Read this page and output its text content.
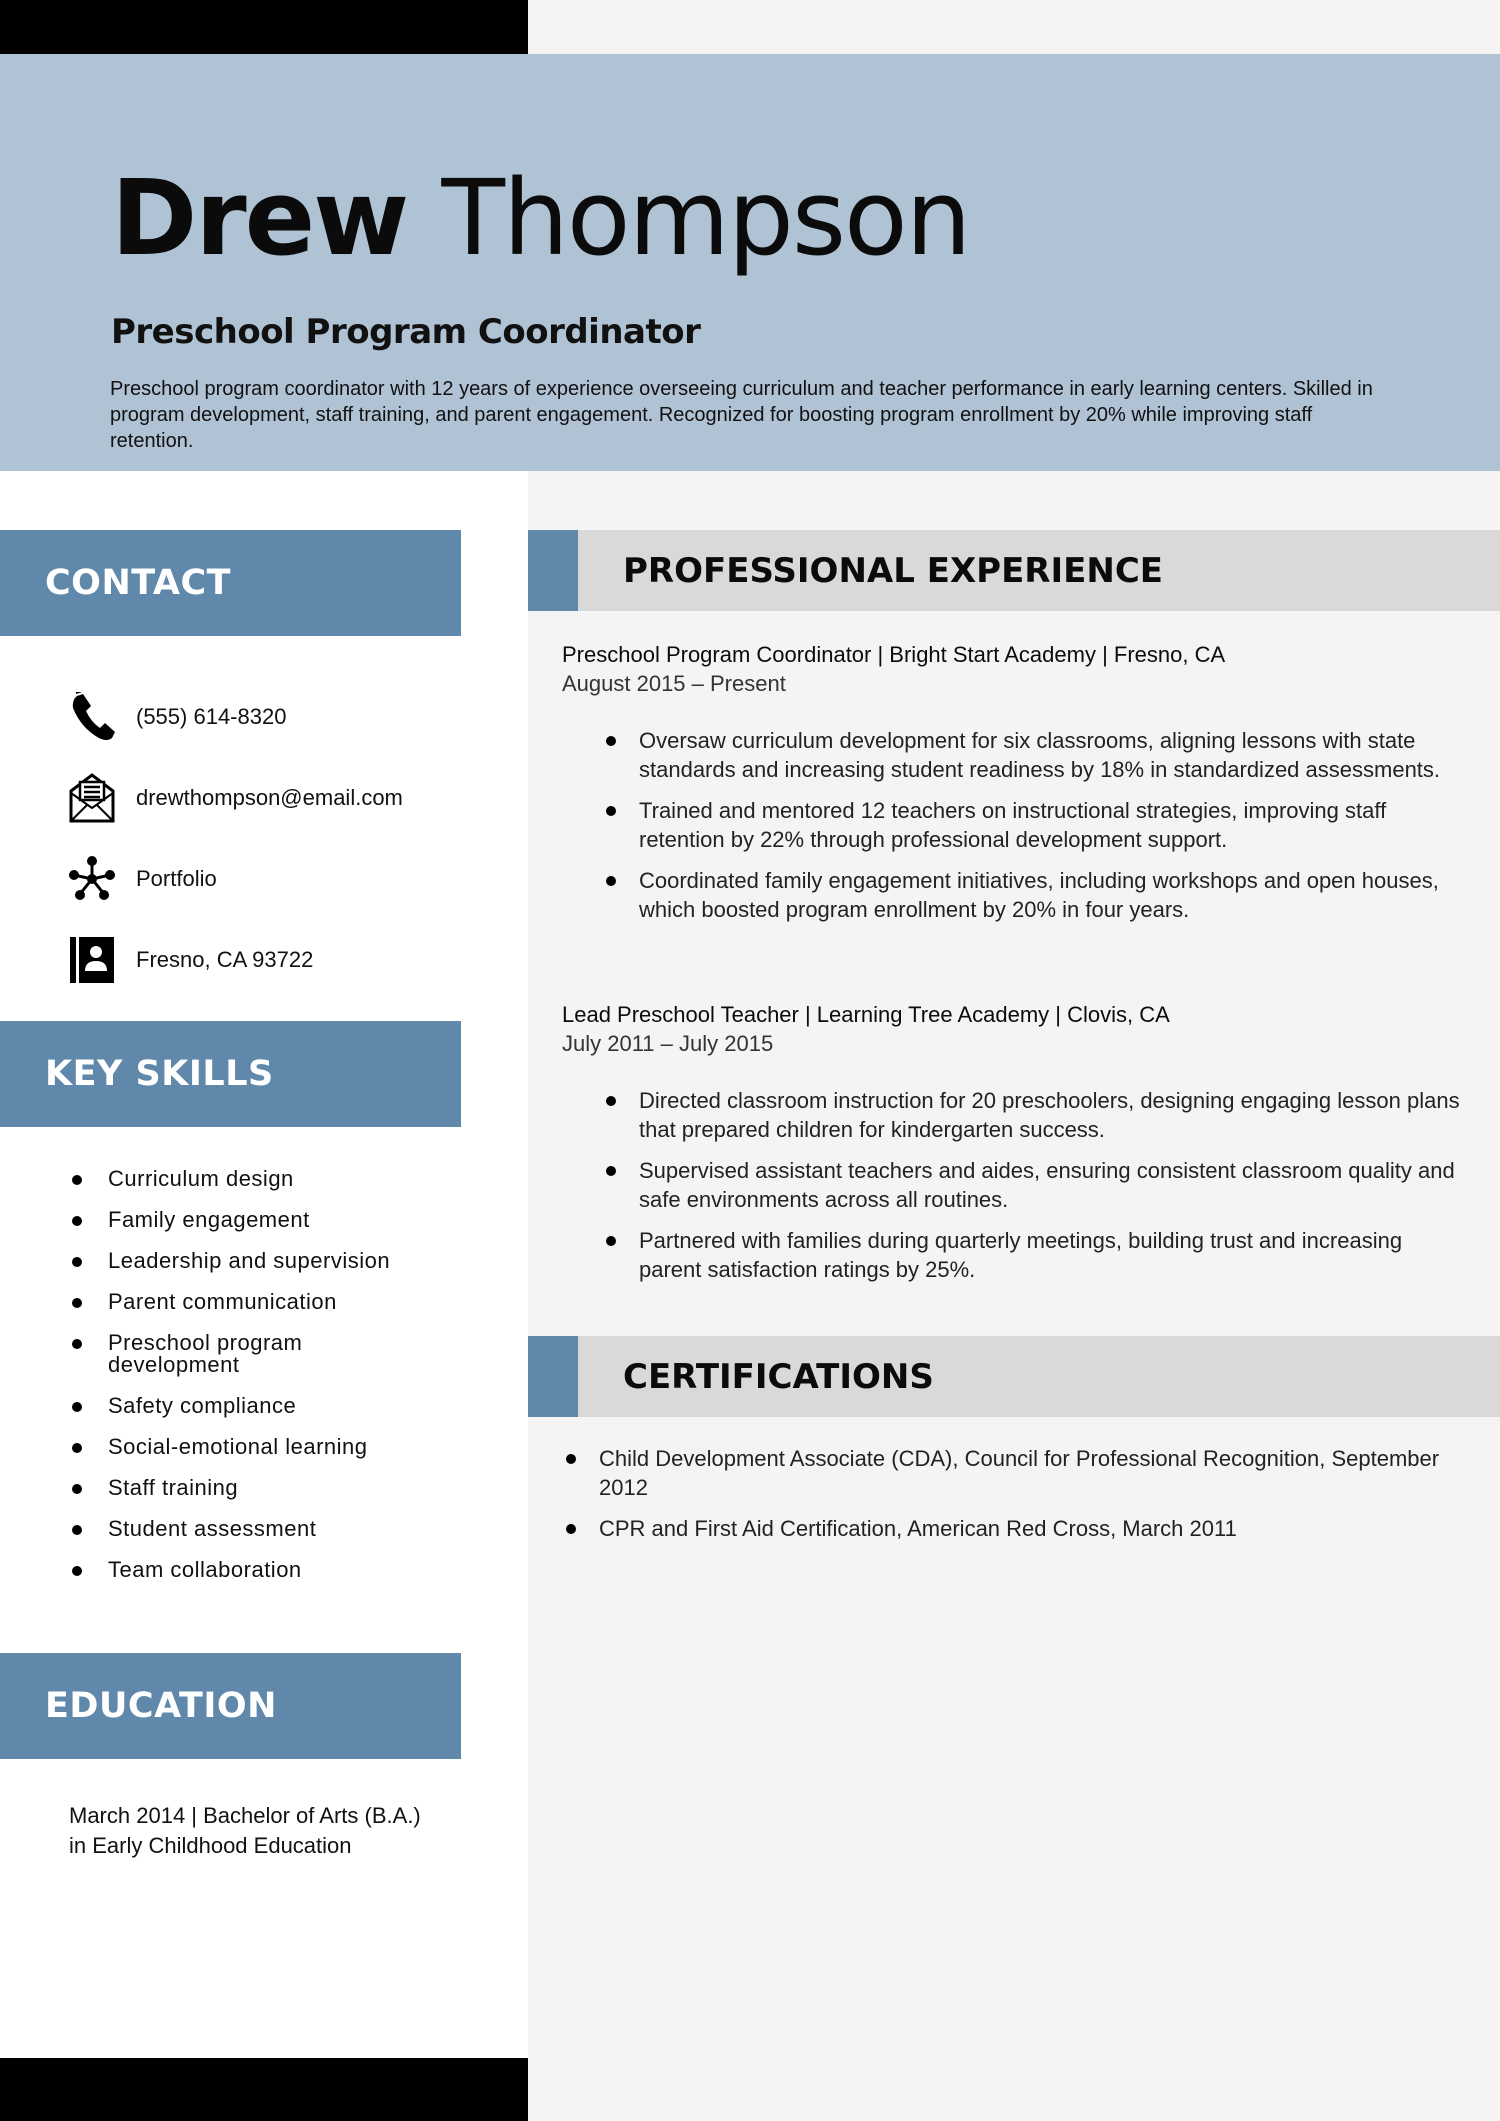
Drew Thompson
Preschool Program Coordinator

Preschool program coordinator with 12 years of experience overseeing curriculum and teacher performance in early learning centers. Skilled in program development, staff training, and parent engagement. Recognized for boosting program enrollment by 20% while improving staff retention.

CONTACT
(555) 614-8320
drewthompson@email.com
Portfolio
Fresno, CA 93722
KEY SKILLS
Curriculum design
Family engagement
Leadership and supervision
Parent communication
Preschool program development
Safety compliance
Social-emotional learning
Staff training
Student assessment
Team collaboration
EDUCATION

March 2014 | Bachelor of Arts (B.A.) in Early Childhood Education

PROFESSIONAL EXPERIENCE

Preschool Program Coordinator | Bright Start Academy | Fresno, CA

August 2015 – Present

Oversaw curriculum development for six classrooms, aligning lessons with state standards and increasing student readiness by 18% in standardized assessments.
Trained and mentored 12 teachers on instructional strategies, improving staff retention by 22% through professional development support.
Coordinated family engagement initiatives, including workshops and open houses, which boosted program enrollment by 20% in four years.

Lead Preschool Teacher | Learning Tree Academy | Clovis, CA

July 2011 – July 2015

Directed classroom instruction for 20 preschoolers, designing engaging lesson plans that prepared children for kindergarten success.
Supervised assistant teachers and aides, ensuring consistent classroom quality and safe environments across all routines.
Partnered with families during quarterly meetings, building trust and increasing parent satisfaction ratings by 25%.
CERTIFICATIONS
Child Development Associate (CDA), Council for Professional Recognition, September 2012
CPR and First Aid Certification, American Red Cross, March 2011
